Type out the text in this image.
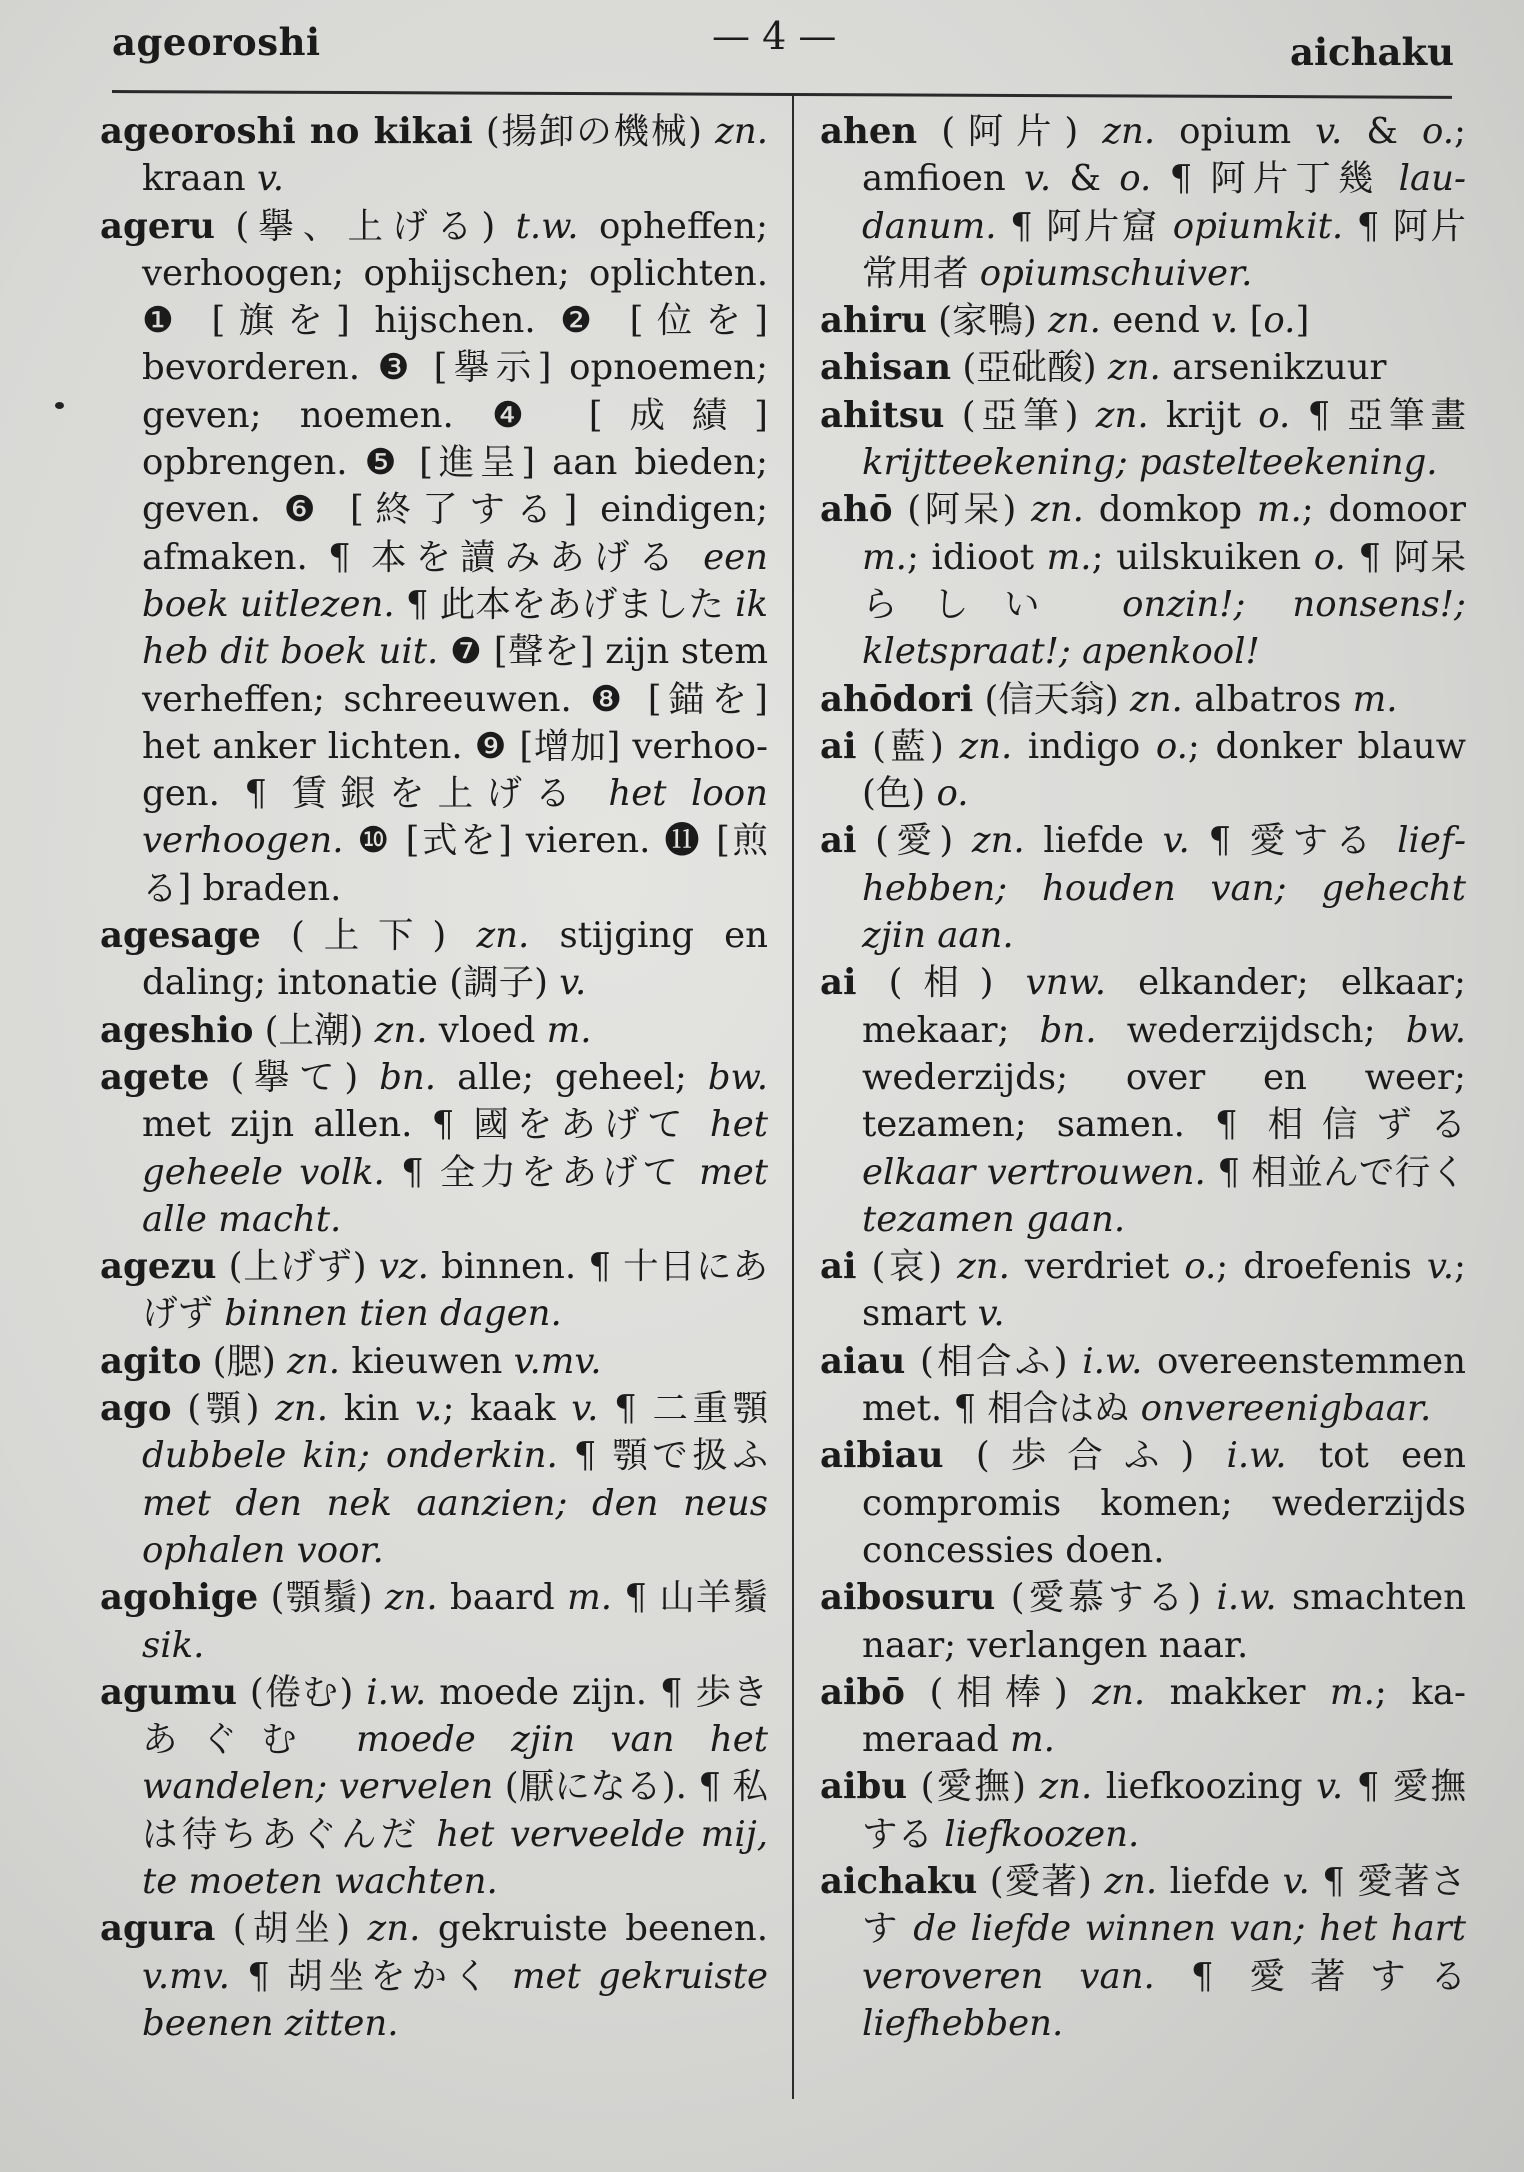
ageoroshi	— 4 —	aichaku

ageoroshi no kikai (揚卸の機械) zn. kraan v.

ageru (擧、上げる) t.w. opheffen; verhoogen; ophijschen; oplichten. ❶ [旗を] hijschen. ❷ [位を] bevorderen. ❸ [擧示] opnoemen; geven; noemen. ❹ [成績] opbrengen. ❺ [進呈] aan bieden; geven. ❻ [終了する] eindigen; afmaken. ¶ 本を讀みあげる een boek uitlezen. ¶ 此本をあげました ik heb dit boek uit. ❼ [聲を] zijn stem verheffen; schreeuwen. ❽ [錨を] het anker lichten. ❾ [增加] verhoogen. ¶ 賃銀を上げる het loon verhoogen. ❿ [式を] vieren. ⓫ [煎る] braden.

agesage (上下) zn. stijging en daling; intonatie (調子) v.

ageshio (上潮) zn. vloed m.

agete (擧て) bn. alle; geheel; bw. met zijn allen. ¶ 國をあげて het geheele volk. ¶ 全力をあげて met alle macht.

agezu (上げず) vz. binnen. ¶ 十日にあげず binnen tien dagen.

agito (腮) zn. kieuwen v.mv.

ago (顎) zn. kin v.; kaak v. ¶ 二重顎 dubbele kin; onderkin. ¶ 顎で扱ふ met den nek aanzien; den neus ophalen voor.

agohige (顎鬚) zn. baard m. ¶ 山羊鬚 sik.

agumu (倦む) i.w. moede zijn. ¶ 歩きあぐむ moede zjin van het wandelen; vervelen (厭になる). ¶ 私は待ちあぐんだ het verveelde mij, te moeten wachten.

agura (胡坐) zn. gekruiste beenen. v.mv. ¶ 胡坐をかく met gekruiste beenen zitten.

ahen (阿片) zn. opium v. & o.; amfioen v. & o. ¶ 阿片丁幾 laudanum. ¶ 阿片窟 opiumkit. ¶ 阿片常用者 opiumschuiver.

ahiru (家鴨) zn. eend v. [o.]

ahisan (亞砒酸) zn. arsenikzuur

ahitsu (亞筆) zn. krijt o. ¶ 亞筆畫 krijtteekening; pastelteekening.

ahō (阿呆) zn. domkop m.; domoor m.; idioot m.; uilskuiken o. ¶ 阿呆らしい onzin!; nonsens!; kletspraat!; apenkool!

ahōdori (信天翁) zn. albatros m.

ai (藍) zn. indigo o.; donker blauw (色) o.

ai (愛) zn. liefde v. ¶ 愛する liefhebben; houden van; gehecht zjin aan.

ai (相) vnw. elkander; elkaar; mekaar; bn. wederzijdsch; bw. wederzijds; over en weer; tezamen; samen. ¶ 相信ずる elkaar vertrouwen. ¶ 相並んで行く tezamen gaan.

ai (哀) zn. verdriet o.; droefenis v.; smart v.

aiau (相合ふ) i.w. overeenstemmen met. ¶ 相合はぬ onvereenigbaar.

aibiau (歩合ふ) i.w. tot een compromis komen; wederzijds concessies doen.

aibosuru (愛慕する) i.w. smachten naar; verlangen naar.

aibō (相棒) zn. makker m.; kameraad m.

aibu (愛撫) zn. liefkoozing v. ¶ 愛撫する liefkoozen.

aichaku (愛著) zn. liefde v. ¶ 愛著さす de liefde winnen van; het hart veroveren van. ¶ 愛著する liefhebben.
